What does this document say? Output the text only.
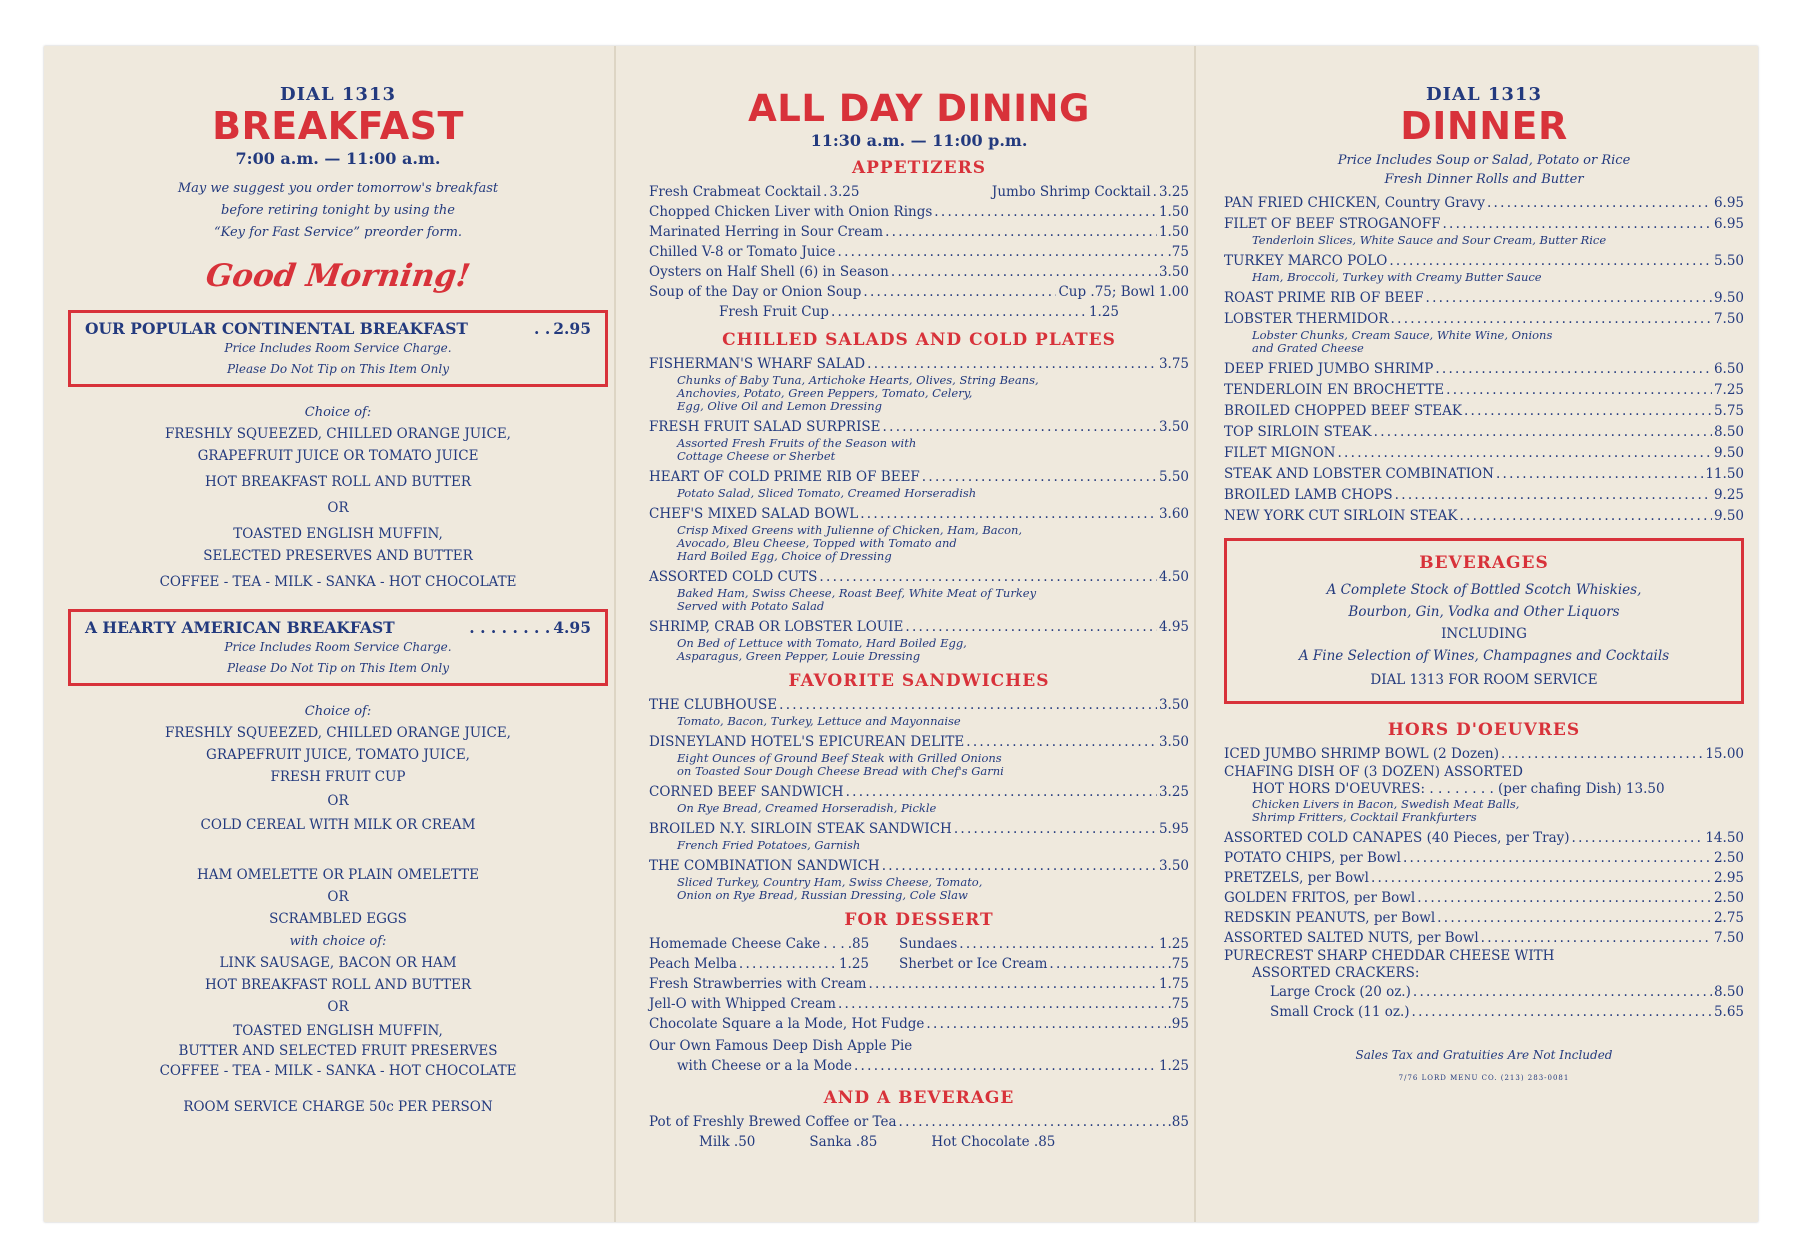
DIAL 1313
BREAKFAST
7:00 a.m. — 11:00 a.m.
May we suggest you order tomorrow's breakfast
before retiring tonight by using the
“Key for Fast Service” preorder form.
Good Morning!
OUR POPULAR CONTINENTAL BREAKFAST	. . 2.95
Price Includes Room Service Charge.
Please Do Not Tip on This Item Only
Choice of:
FRESHLY SQUEEZED, CHILLED ORANGE JUICE,
GRAPEFRUIT JUICE OR TOMATO JUICE
HOT BREAKFAST ROLL AND BUTTER
OR
TOASTED ENGLISH MUFFIN,
SELECTED PRESERVES AND BUTTER
COFFEE - TEA - MILK - SANKA - HOT CHOCOLATE
A HEARTY AMERICAN BREAKFAST	. . . . . . . . 4.95
Price Includes Room Service Charge.
Please Do Not Tip on This Item Only
Choice of:
FRESHLY SQUEEZED, CHILLED ORANGE JUICE,
GRAPEFRUIT JUICE, TOMATO JUICE,
FRESH FRUIT CUP
OR
COLD CEREAL WITH MILK OR CREAM
HAM OMELETTE OR PLAIN OMELETTE
OR
SCRAMBLED EGGS
with choice of:
LINK SAUSAGE, BACON OR HAM
HOT BREAKFAST ROLL AND BUTTER
OR
TOASTED ENGLISH MUFFIN,
BUTTER AND SELECTED FRUIT PRESERVES
COFFEE - TEA - MILK - SANKA - HOT CHOCOLATE
ROOM SERVICE CHARGE 50c PER PERSON
ALL DAY DINING
11:30 a.m. — 11:00 p.m.
APPETIZERS
Fresh Crabmeat Cocktail . 3.25	Jumbo Shrimp Cocktail . 3.25
Chopped Chicken Liver with Onion Rings . . .	1.50
Marinated Herring in Sour Cream . . .	1.50
Chilled V-8 or Tomato Juice . . .	.75
Oysters on Half Shell (6) in Season . . .	3.50
Soup of the Day or Onion Soup . . .	Cup .75; Bowl 1.00
Fresh Fruit Cup . . .	1.25
CHILLED SALADS AND COLD PLATES
FISHERMAN'S WHARF SALAD . . .	3.75
Chunks of Baby Tuna, Artichoke Hearts, Olives, String Beans,
Anchovies, Potato, Green Peppers, Tomato, Celery,
Egg, Olive Oil and Lemon Dressing
FRESH FRUIT SALAD SURPRISE . . .	3.50
Assorted Fresh Fruits of the Season with
Cottage Cheese or Sherbet
HEART OF COLD PRIME RIB OF BEEF . . .	5.50
Potato Salad, Sliced Tomato, Creamed Horseradish
CHEF'S MIXED SALAD BOWL . . .	3.60
Crisp Mixed Greens with Julienne of Chicken, Ham, Bacon,
Avocado, Bleu Cheese, Topped with Tomato and
Hard Boiled Egg, Choice of Dressing
ASSORTED COLD CUTS . . .	4.50
Baked Ham, Swiss Cheese, Roast Beef, White Meat of Turkey
Served with Potato Salad
SHRIMP, CRAB OR LOBSTER LOUIE . . .	4.95
On Bed of Lettuce with Tomato, Hard Boiled Egg,
Asparagus, Green Pepper, Louie Dressing
FAVORITE SANDWICHES
THE CLUBHOUSE . . .	3.50
Tomato, Bacon, Turkey, Lettuce and Mayonnaise
DISNEYLAND HOTEL'S EPICUREAN DELITE . . .	3.50
Eight Ounces of Ground Beef Steak with Grilled Onions
on Toasted Sour Dough Cheese Bread with Chef's Garni
CORNED BEEF SANDWICH . . .	3.25
On Rye Bread, Creamed Horseradish, Pickle
BROILED N.Y. SIRLOIN STEAK SANDWICH . . .	5.95
French Fried Potatoes, Garnish
THE COMBINATION SANDWICH . . .	3.50
Sliced Turkey, Country Ham, Swiss Cheese, Tomato,
Onion on Rye Bread, Russian Dressing, Cole Slaw
FOR DESSERT
Homemade Cheese Cake . . . .85 Sundaes . . .	1.25
Peach Melba . . .	1.25 Sherbet or Ice Cream . . .	.75
Fresh Strawberries with Cream . . .	1.75
Jell-O with Whipped Cream . . .	.75
Chocolate Square a la Mode, Hot Fudge . . .	.95
Our Own Famous Deep Dish Apple Pie
with Cheese or a la Mode . . .	1.25
AND A BEVERAGE
Pot of Freshly Brewed Coffee or Tea . . .	.85
Milk .50	Sanka .85	Hot Chocolate .85
DIAL 1313
DINNER
Price Includes Soup or Salad, Potato or Rice
Fresh Dinner Rolls and Butter
PAN FRIED CHICKEN, Country Gravy . . .	6.95
FILET OF BEEF STROGANOFF . . .	6.95
Tenderloin Slices, White Sauce and Sour Cream, Butter Rice
TURKEY MARCO POLO . . .	5.50
Ham, Broccoli, Turkey with Creamy Butter Sauce
ROAST PRIME RIB OF BEEF . . .	9.50
LOBSTER THERMIDOR . . .	7.50
Lobster Chunks, Cream Sauce, White Wine, Onions
and Grated Cheese
DEEP FRIED JUMBO SHRIMP . . .	6.50
TENDERLOIN EN BROCHETTE . . .	7.25
BROILED CHOPPED BEEF STEAK . . .	5.75
TOP SIRLOIN STEAK . . .	8.50
FILET MIGNON . . .	9.50
STEAK AND LOBSTER COMBINATION . . .	11.50
BROILED LAMB CHOPS . . .	9.25
NEW YORK CUT SIRLOIN STEAK . . .	9.50
BEVERAGES
A Complete Stock of Bottled Scotch Whiskies,
Bourbon, Gin, Vodka and Other Liquors
INCLUDING
A Fine Selection of Wines, Champagnes and Cocktails
DIAL 1313 FOR ROOM SERVICE
HORS D'OEUVRES
ICED JUMBO SHRIMP BOWL (2 Dozen) . . .	15.00
CHAFING DISH OF (3 DOZEN) ASSORTED
HOT HORS D'OEUVRES: . . . . . . . . (per chafing Dish) 13.50
Chicken Livers in Bacon, Swedish Meat Balls,
Shrimp Fritters, Cocktail Frankfurters
ASSORTED COLD CANAPES (40 Pieces, per Tray) . . .	14.50
POTATO CHIPS, per Bowl . . .	2.50
PRETZELS, per Bowl . . .	2.95
GOLDEN FRITOS, per Bowl . . .	2.50
REDSKIN PEANUTS, per Bowl . . .	2.75
ASSORTED SALTED NUTS, per Bowl . . .	7.50
PURECREST SHARP CHEDDAR CHEESE WITH
ASSORTED CRACKERS:
Large Crock (20 oz.) . . .	8.50
Small Crock (11 oz.) . . .	5.65
Sales Tax and Gratuities Are Not Included
7/76 LORD MENU CO. (213) 283-0081
